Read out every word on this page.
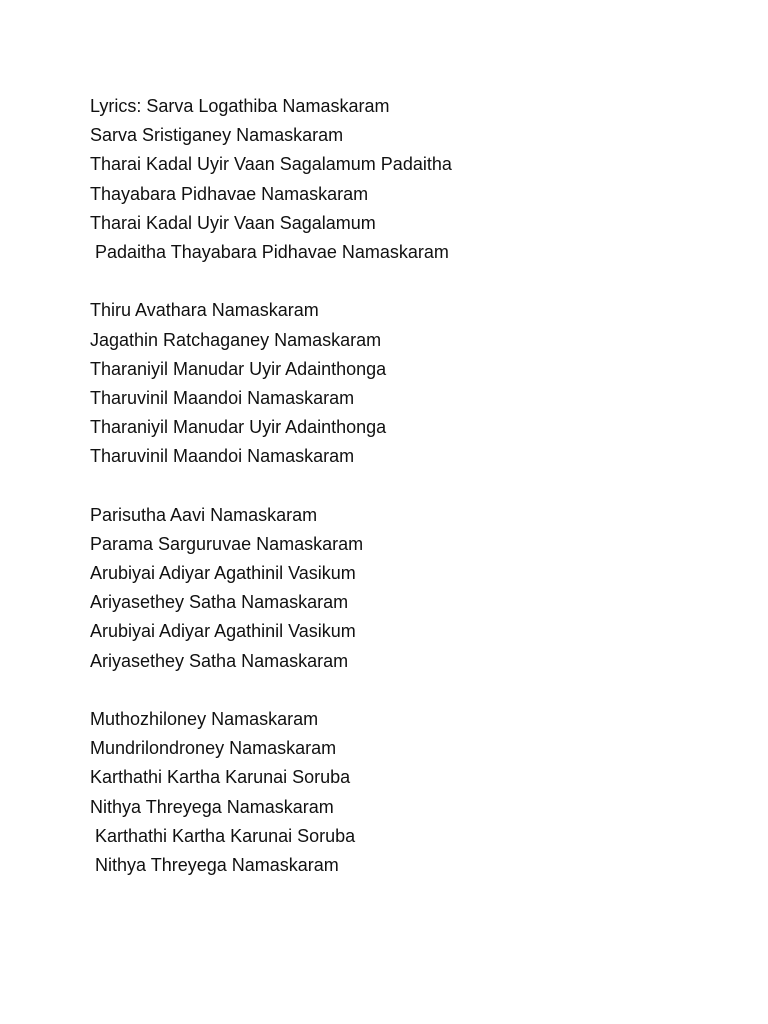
Lyrics: Sarva Logathiba Namaskaram
Sarva Sristiganey Namaskaram
Tharai Kadal Uyir Vaan Sagalamum Padaitha
Thayabara Pidhavae Namaskaram
Tharai Kadal Uyir Vaan Sagalamum
Padaitha Thayabara Pidhavae Namaskaram
Thiru Avathara Namaskaram
Jagathin Ratchaganey Namaskaram
Tharaniyil Manudar Uyir Adainthonga
Tharuvinil Maandoi Namaskaram
Tharaniyil Manudar Uyir Adainthonga
Tharuvinil Maandoi Namaskaram
Parisutha Aavi Namaskaram
Parama Sarguruvae Namaskaram
Arubiyai Adiyar Agathinil Vasikum
Ariyasethey Satha Namaskaram
Arubiyai Adiyar Agathinil Vasikum
Ariyasethey Satha Namaskaram
Muthozhiloney Namaskaram
Mundrilondroney Namaskaram
Karthathi Kartha Karunai Soruba
Nithya Threyega Namaskaram
Karthathi Kartha Karunai Soruba
Nithya Threyega Namaskaram
